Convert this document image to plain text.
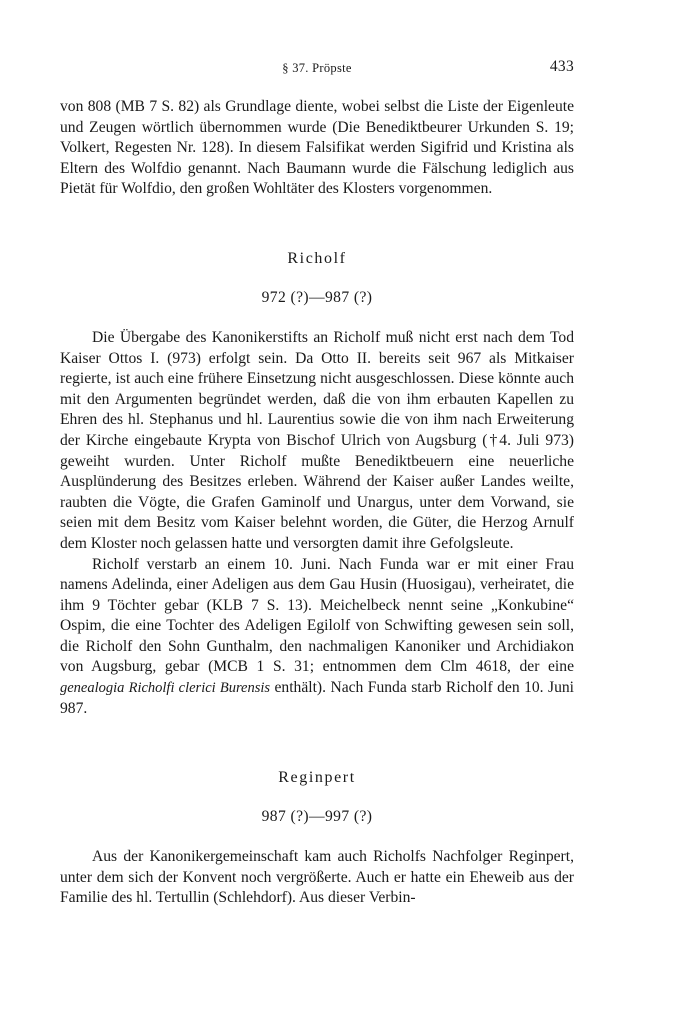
§ 37. Pröpste	433

von 808 (MB 7 S. 82) als Grundlage diente, wobei selbst die Liste der Eigenleute und Zeugen wörtlich übernommen wurde (Die Benediktbeurer Urkunden S. 19; Volkert, Regesten Nr. 128). In diesem Falsifikat werden Sigifrid und Kristina als Eltern des Wolfdio genannt. Nach Baumann wurde die Fälschung lediglich aus Pietät für Wolfdio, den großen Wohltäter des Klosters vorgenommen.

Richolf
972 (?)—987 (?)

Die Übergabe des Kanonikerstifts an Richolf muß nicht erst nach dem Tod Kaiser Ottos I. (973) erfolgt sein. Da Otto II. bereits seit 967 als Mitkaiser regierte, ist auch eine frühere Einsetzung nicht ausgeschlossen. Diese könnte auch mit den Argumenten begründet werden, daß die von ihm erbauten Kapellen zu Ehren des hl. Stephanus und hl. Laurentius sowie die von ihm nach Erweiterung der Kirche eingebaute Krypta von Bischof Ulrich von Augsburg (†4. Juli 973) geweiht wurden. Unter Richolf mußte Benediktbeuern eine neuerliche Ausplünderung des Besitzes erleben. Während der Kaiser außer Landes weilte, raubten die Vögte, die Grafen Gaminolf und Unargus, unter dem Vorwand, sie seien mit dem Besitz vom Kaiser belehnt worden, die Güter, die Herzog Arnulf dem Kloster noch gelassen hatte und versorgten damit ihre Gefolgsleute.

Richolf verstarb an einem 10. Juni. Nach Funda war er mit einer Frau namens Adelinda, einer Adeligen aus dem Gau Husin (Huosigau), verheiratet, die ihm 9 Töchter gebar (KLB 7 S. 13). Meichelbeck nennt seine „Konkubine“ Ospim, die eine Tochter des Adeligen Egilolf von Schwifting gewesen sein soll, die Richolf den Sohn Gunthalm, den nachmaligen Kanoniker und Archidiakon von Augsburg, gebar (MCB 1 S. 31; entnommen dem Clm 4618, der eine genealogia Richolfi clerici Burensis enthält). Nach Funda starb Richolf den 10. Juni 987.

Reginpert
987 (?)—997 (?)

Aus der Kanonikergemeinschaft kam auch Richolfs Nachfolger Reginpert, unter dem sich der Konvent noch vergrößerte. Auch er hatte ein Eheweib aus der Familie des hl. Tertullin (Schlehdorf). Aus dieser Verbin-
